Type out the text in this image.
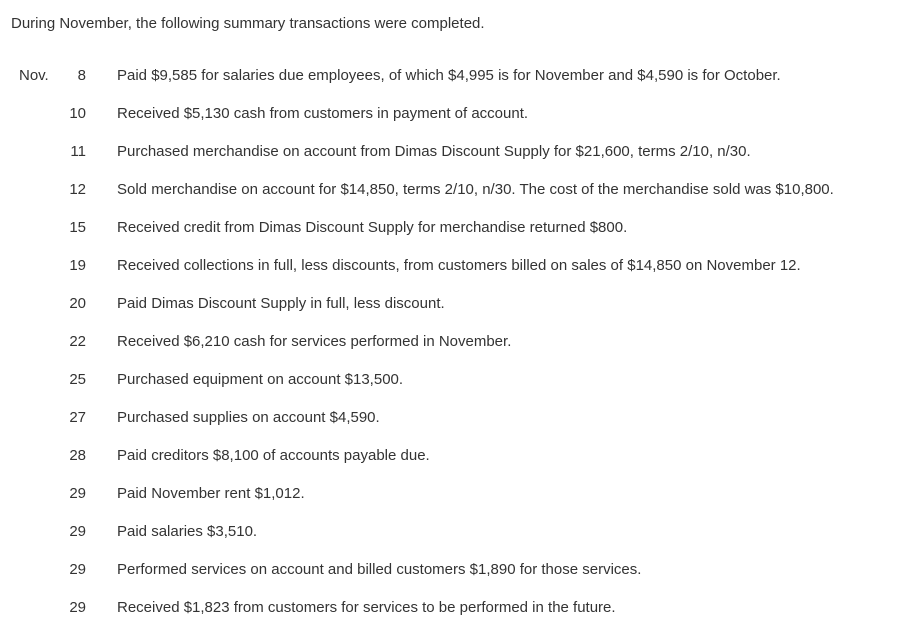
During November, the following summary transactions were completed.
Nov.	8 Paid $9,585 for salaries due employees, of which $4,995 is for November and $4,590 is for October.
10 Received $5,130 cash from customers in payment of account.
11 Purchased merchandise on account from Dimas Discount Supply for $21,600, terms 2/10, n/30.
12 Sold merchandise on account for $14,850, terms 2/10, n/30. The cost of the merchandise sold was $10,800.
15 Received credit from Dimas Discount Supply for merchandise returned $800.
19 Received collections in full, less discounts, from customers billed on sales of $14,850 on November 12.
20 Paid Dimas Discount Supply in full, less discount.
22 Received $6,210 cash for services performed in November.
25 Purchased equipment on account $13,500.
27 Purchased supplies on account $4,590.
28 Paid creditors $8,100 of accounts payable due.
29 Paid November rent $1,012.
29 Paid salaries $3,510.
29 Performed services on account and billed customers $1,890 for those services.
29 Received $1,823 from customers for services to be performed in the future.
